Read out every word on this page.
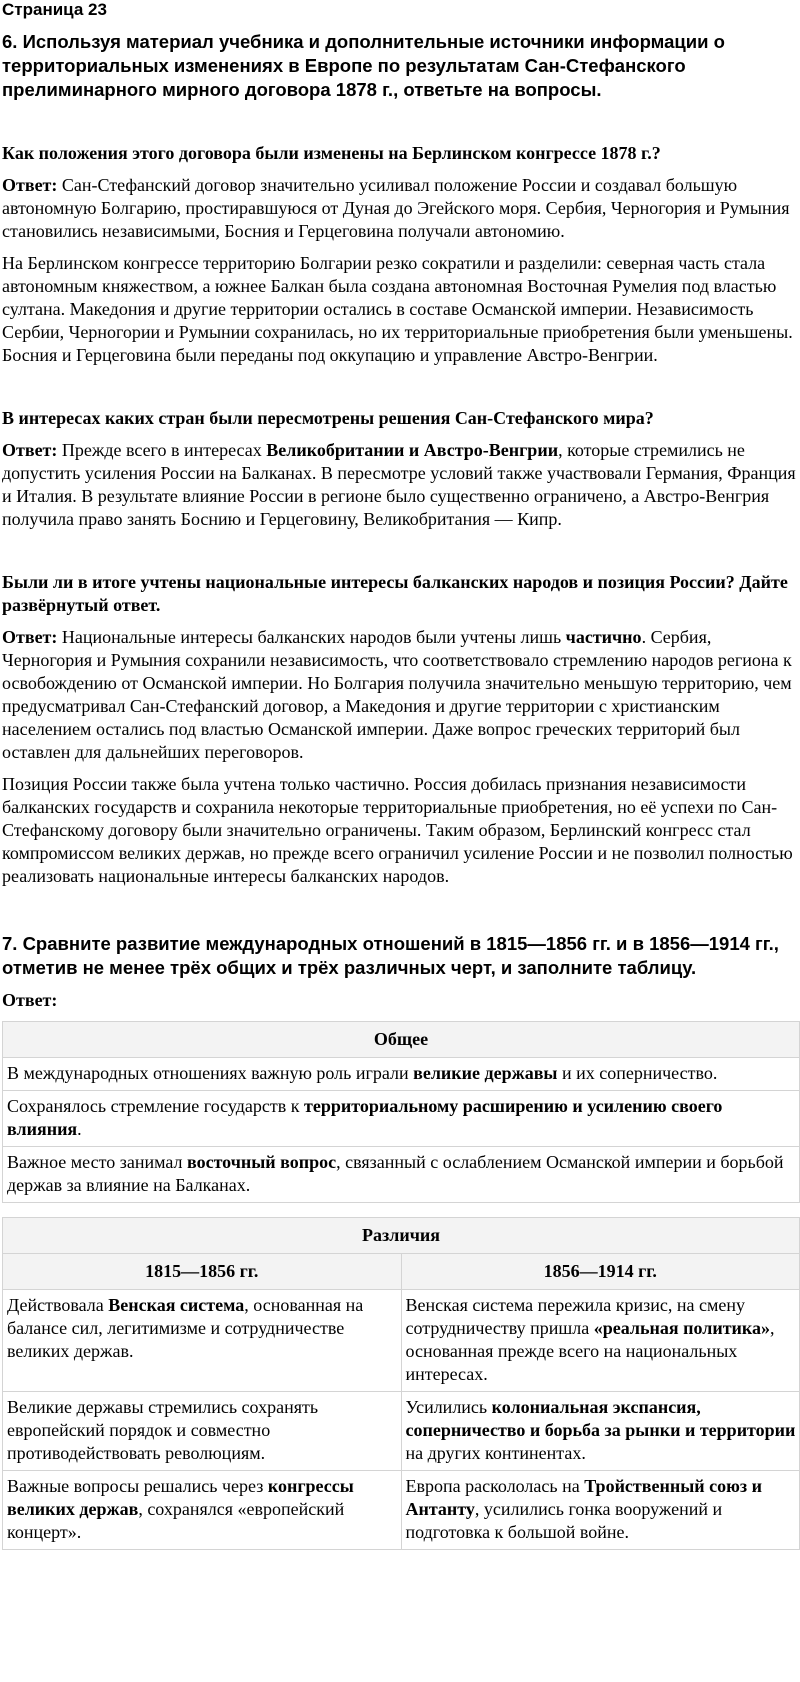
Страница 23
6. Используя материал учебника и дополнительные источники информации о территориальных изменениях в Европе по результатам Сан-Стефанского прелиминарного мирного договора 1878 г., ответьте на вопросы.

Как положения этого договора были изменены на Берлинском конгрессе 1878 г.?

Ответ: Сан-Стефанский договор значительно усиливал положение России и создавал большую автономную Болгарию, простиравшуюся от Дуная до Эгейского моря. Сербия, Черногория и Румыния становились независимыми, Босния и Герцеговина получали автономию.

На Берлинском конгрессе территорию Болгарии резко сократили и разделили: северная часть стала автономным княжеством, а южнее Балкан была создана автономная Восточная Румелия под властью султана. Македония и другие территории остались в составе Османской империи. Независимость Сербии, Черногории и Румынии сохранилась, но их территориальные приобретения были уменьшены. Босния и Герцеговина были переданы под оккупацию и управление Австро-Венгрии.

В интересах каких стран были пересмотрены решения Сан-Стефанского мира?

Ответ: Прежде всего в интересах Великобритании и Австро-Венгрии, которые стремились не допустить усиления России на Балканах. В пересмотре условий также участвовали Германия, Франция и Италия. В результате влияние России в регионе было существенно ограничено, а Австро-Венгрия получила право занять Боснию и Герцеговину, Великобритания — Кипр.

Были ли в итоге учтены национальные интересы балканских народов и позиция России? Дайте развёрнутый ответ.

Ответ: Национальные интересы балканских народов были учтены лишь частично. Сербия, Черногория и Румыния сохранили независимость, что соответствовало стремлению народов региона к освобождению от Османской империи. Но Болгария получила значительно меньшую территорию, чем предусматривал Сан-Стефанский договор, а Македония и другие территории с христианским населением остались под властью Османской империи. Даже вопрос греческих территорий был оставлен для дальнейших переговоров.

Позиция России также была учтена только частично. Россия добилась признания независимости балканских государств и сохранила некоторые территориальные приобретения, но её успехи по Сан-Стефанскому договору были значительно ограничены. Таким образом, Берлинский конгресс стал компромиссом великих держав, но прежде всего ограничил усиление России и не позволил полностью реализовать национальные интересы балканских народов.

7. Сравните развитие международных отношений в 1815—1856 гг. и в 1856—1914 гг., отметив не менее трёх общих и трёх различных черт, и заполните таблицу.

Ответ:

Общее
В международных отношениях важную роль играли великие державы и их соперничество.
Сохранялось стремление государств к территориальному расширению и усилению своего влияния.
Важное место занимал восточный вопрос, связанный с ослаблением Османской империи и борьбой держав за влияние на Балканах.
Различия	
1815—1856 гг.	1856—1914 гг.
Действовала Венская система, основанная на балансе сил, легитимизме и сотрудничестве великих держав.	Венская система пережила кризис, на смену сотрудничеству пришла «реальная политика», основанная прежде всего на национальных интересах.
Великие державы стремились сохранять европейский порядок и совместно противодействовать революциям.	Усилились колониальная экспансия, соперничество и борьба за рынки и территории на других континентах.
Важные вопросы решались через конгрессы великих держав, сохранялся «европейский концерт».	Европа раскололась на Тройственный союз и Антанту, усилились гонка вооружений и подготовка к большой войне.
